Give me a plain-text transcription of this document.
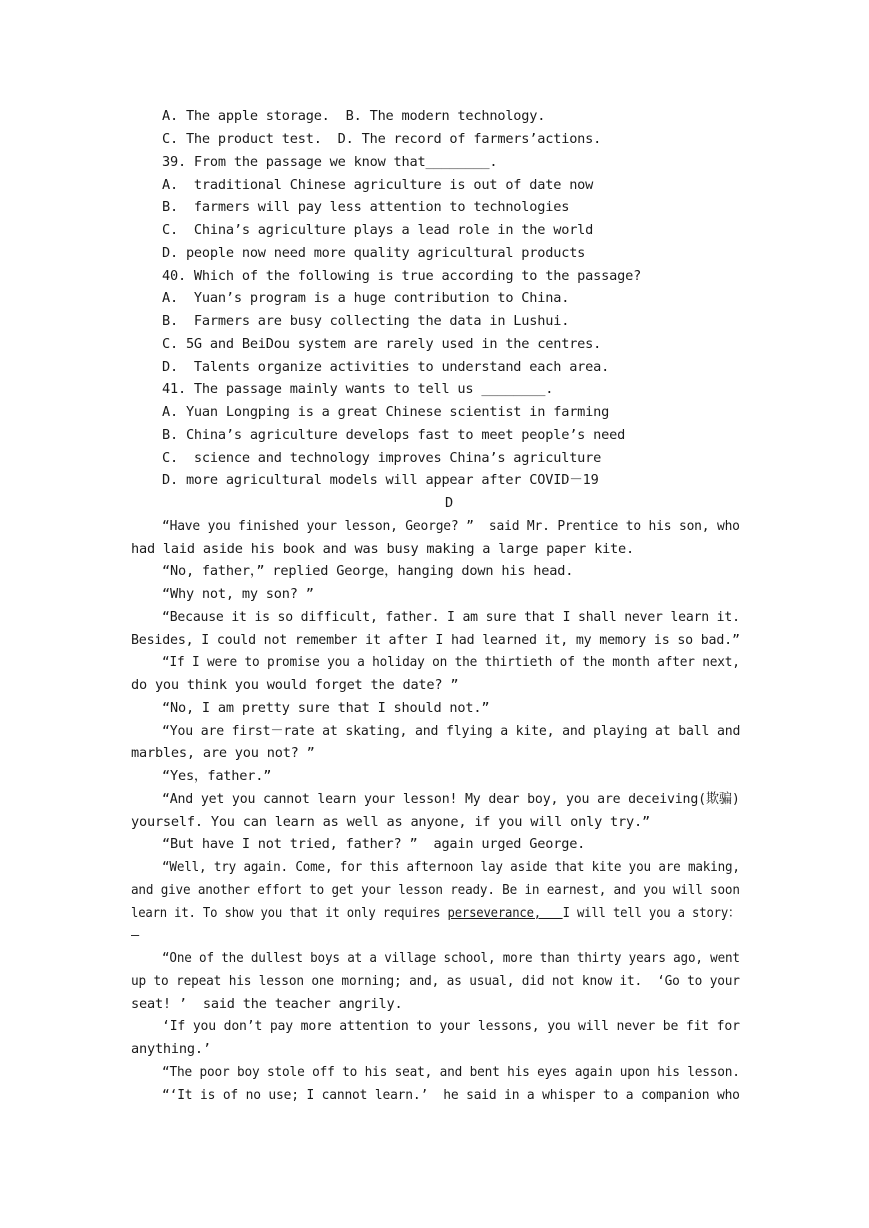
A. The apple storage.  B. The modern technology.
C. The product test.  D. The record of farmers’actions.
39. From the passage we know that________.
A.  traditional Chinese agriculture is out of date now
B.  farmers will pay less attention to technologies
C.  China’s agriculture plays a lead role in the world
D. people now need more quality agricultural products
40. Which of the following is true according to the passage?
A.  Yuan’s program is a huge contribution to China.
B.  Farmers are busy collecting the data in Lushui.
C. 5G and BeiDou system are rarely used in the centres.
D.  Talents organize activities to understand each area.
41. The passage mainly wants to tell us ________.
A. Yuan Longping is a great Chinese scientist in farming
B. China’s agriculture develops fast to meet people’s need
C.  science and technology improves China’s agriculture
D. more agricultural models will appear after COVID－19
D
“Have you finished your lesson, George? ”  said Mr. Prentice to his son, who
had laid aside his book and was busy making a large paper kite.
“No, father，” replied George，hanging down his head.
“Why not, my son? ”
“Because it is so difficult, father. I am sure that I shall never learn it.
Besides, I could not remember it after I had learned it, my memory is so bad.”
“If I were to promise you a holiday on the thirtieth of the month after next,
do you think you would forget the date? ”
“No, I am pretty sure that I should not.”
“You are first－rate at skating, and flying a kite, and playing at ball and
marbles, are you not? ”
“Yes，father.”
“And yet you cannot learn your lesson! My dear boy, you are deceiving(欺骗)
yourself. You can learn as well as anyone, if you will only try.”
“But have I not tried, father? ”  again urged George.
“Well, try again. Come, for this afternoon lay aside that kite you are making,
and give another effort to get your lesson ready. Be in earnest, and you will soon
learn it. To show you that it only requires perseverance,   I will tell you a story：
—
“One of the dullest boys at a village school, more than thirty years ago, went
up to repeat his lesson one morning; and, as usual, did not know it.  ‘Go to your
seat! ’  said the teacher angrily.
‘If you don’t pay more attention to your lessons, you will never be fit for
anything.’
“The poor boy stole off to his seat, and bent his eyes again upon his lesson.
“‘It is of no use; I cannot learn.’  he said in a whisper to a companion who
